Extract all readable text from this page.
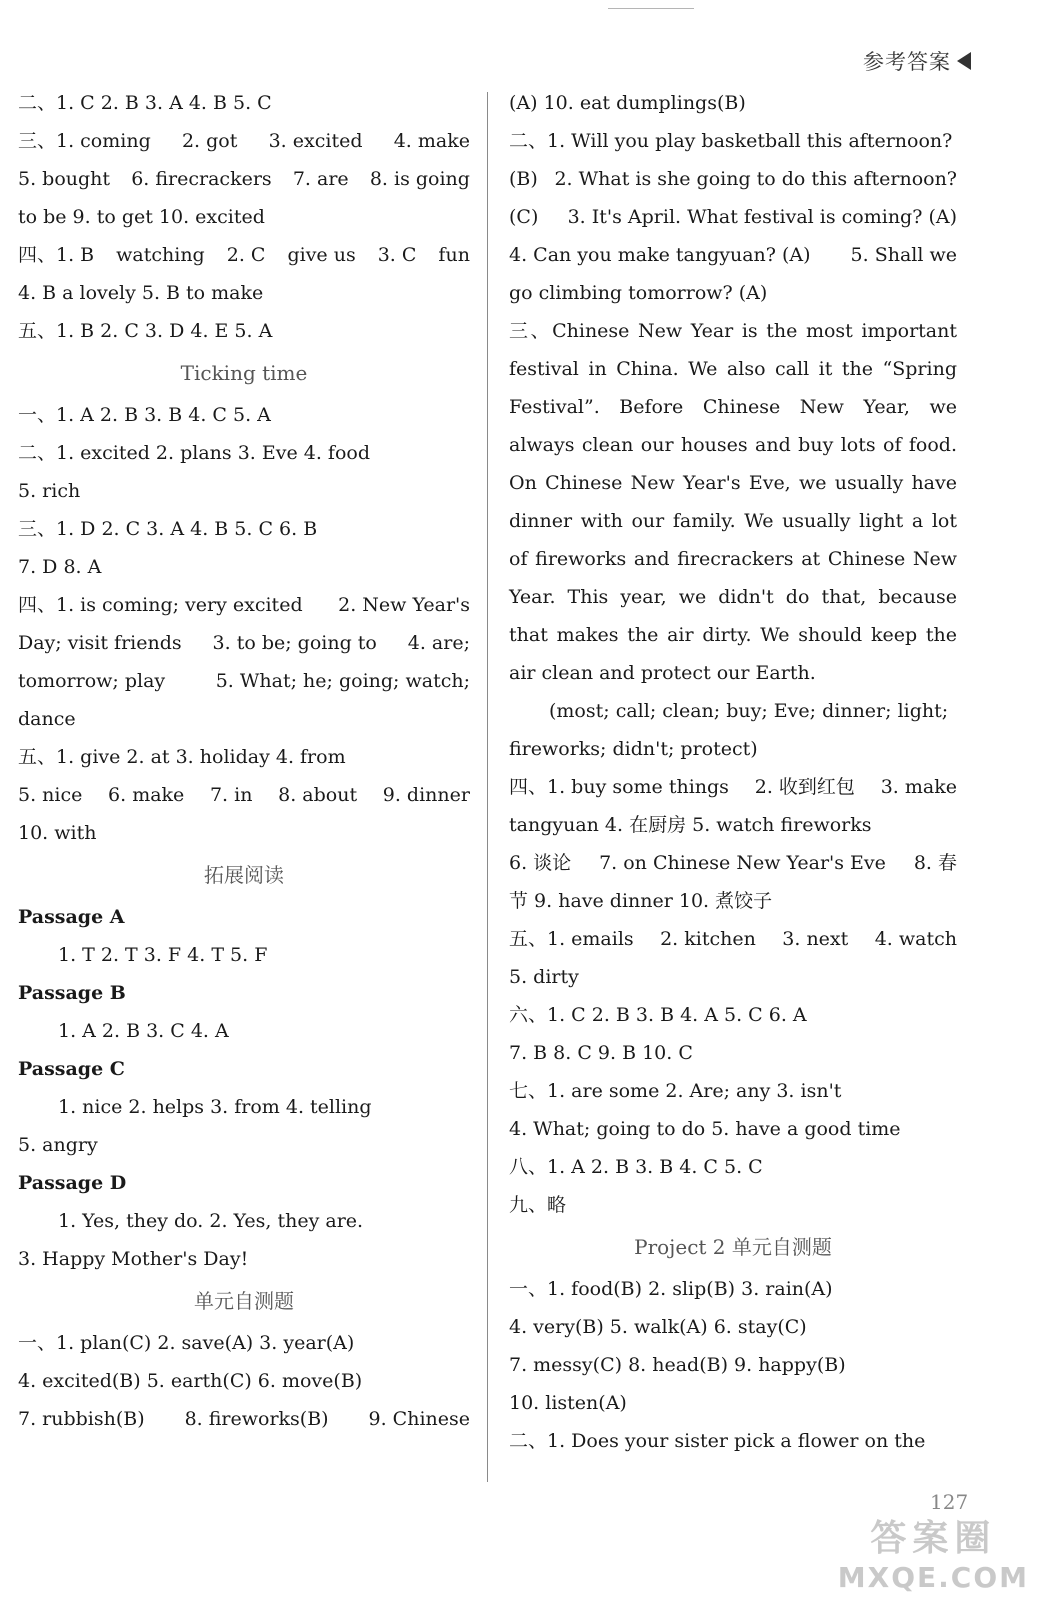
参考答案
二、1. C 2. B 3. A 4. B 5. C
三、1. coming 2. got 3. excited 4. make
5. bought 6. firecrackers 7. are 8. is going
to be 9. to get 10. excited
四、1. B watching 2. C give us 3. C fun
4. B a lovely 5. B to make
五、1. B 2. C 3. D 4. E 5. A
Ticking time
一、1. A 2. B 3. B 4. C 5. A
二、1. excited 2. plans 3. Eve 4. food
5. rich
三、1. D 2. C 3. A 4. B 5. C 6. B
7. D 8. A
四、1. is coming; very excited 2. New Year's
Day; visit friends 3. to be; going to 4. are;
tomorrow; play	5. What; he; going; watch;
dance
五、1. give 2. at 3. holiday 4. from
5. nice 6. make 7. in 8. about 9. dinner
10. with
拓展阅读
Passage A
1. T 2. T 3. F 4. T 5. F
Passage B
1. A 2. B 3. C 4. A
Passage C
1. nice 2. helps 3. from 4. telling
5. angry
Passage D
1. Yes, they do. 2. Yes, they are.
3. Happy Mother's Day!
单元自测题
一、1. plan(C) 2. save(A) 3. year(A)
4. excited(B) 5. earth(C) 6. move(B)
7. rubbish(B) 8. fireworks(B) 9. Chinese
(A) 10. eat dumplings(B)
二、1. Will you play basketball this afternoon?
(B) 2. What is she going to do this afternoon?
(C) 3. It's April. What festival is coming? (A)
4. Can you make tangyuan? (A) 5. Shall we
go climbing tomorrow? (A)
三、Chinese New Year is the most important festival in China. We also call it the “Spring Festival”. Before Chinese New Year, we always clean our houses and buy lots of food. On Chinese New Year's Eve, we usually have dinner with our family. We usually light a lot of fireworks and firecrackers at Chinese New Year. This year, we didn't do that, because that makes the air dirty. We should keep the air clean and protect our Earth.
(most; call; clean; buy; Eve; dinner; light;
fireworks; didn't; protect)
四、1. buy some things 2. 收到红包 3. make
tangyuan 4. 在厨房 5. watch fireworks
6. 谈论 7. on Chinese New Year's Eve 8. 春
节 9. have dinner 10. 煮饺子
五、1. emails 2. kitchen 3. next 4. watch
5. dirty
六、1. C 2. B 3. B 4. A 5. C 6. A
7. B 8. C 9. B 10. C
七、1. are some 2. Are; any 3. isn't
4. What; going to do 5. have a good time
八、1. A 2. B 3. B 4. C 5. C
九、略
Project 2 单元自测题
一、1. food(B) 2. slip(B) 3. rain(A)
4. very(B) 5. walk(A) 6. stay(C)
7. messy(C) 8. head(B) 9. happy(B)
10. listen(A)
二、1. Does your sister pick a flower on the
127
答案圈
MXQE.COM
